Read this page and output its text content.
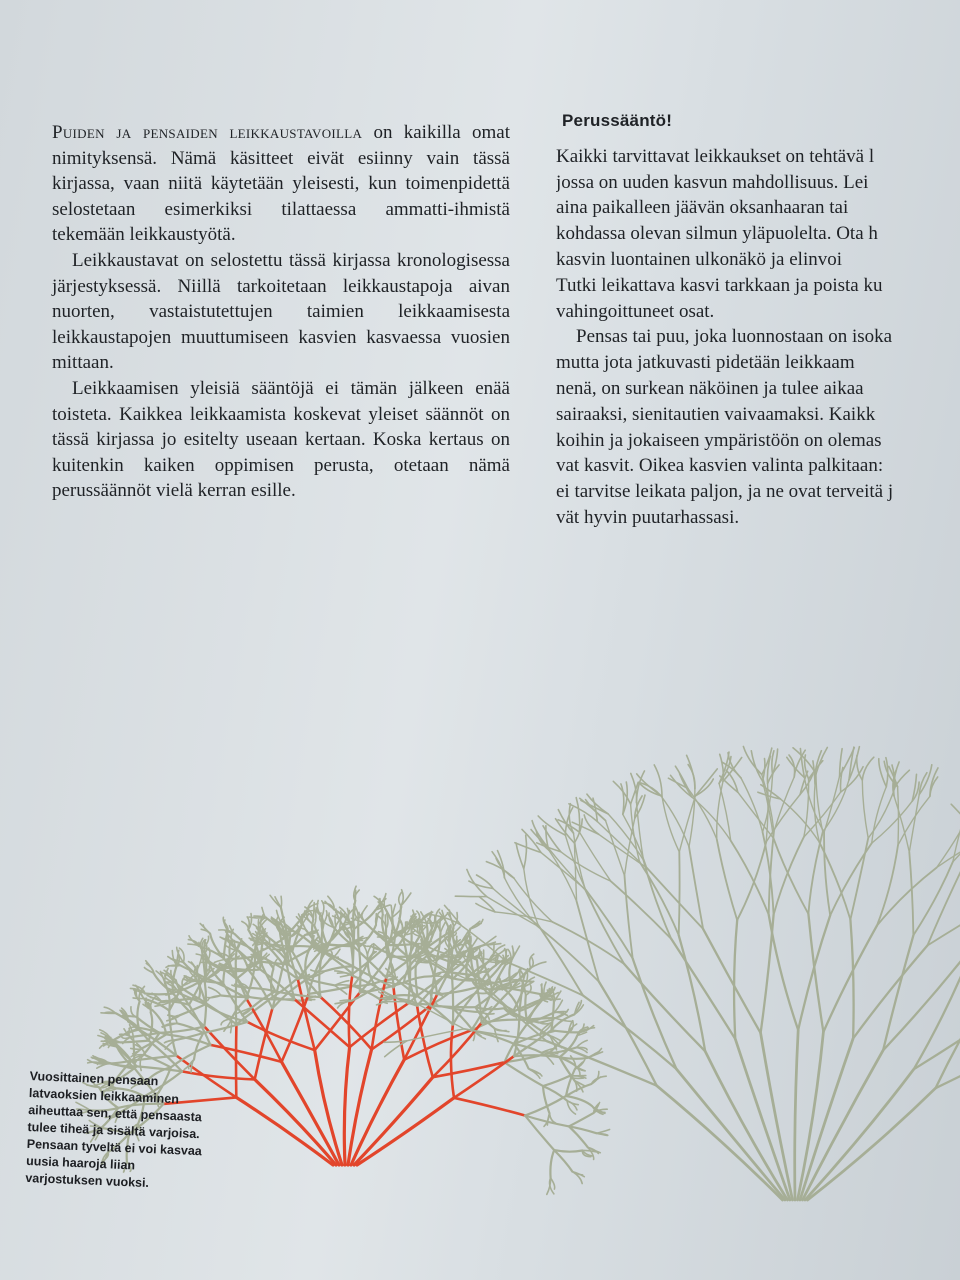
Puiden ja pensaiden leikkaustavoilla on kaikilla omat nimityksensä. Nämä käsitteet eivät esiinny vain tässä kirjassa, vaan niitä käytetään yleisesti, kun toimenpidettä selostetaan esimerkiksi tilattaessa ammatti-ihmistä tekemään leikkaustyötä.

Leikkaustavat on selostettu tässä kirjassa kronologisessa järjestyksessä. Niillä tarkoitetaan leikkaustapoja aivan nuorten, vastaistutettujen taimien leikkaamisesta leikkaustapojen muuttumiseen kasvien kasvaessa vuosien mittaan.

Leikkaamisen yleisiä sääntöjä ei tämän jälkeen enää toisteta. Kaikkea leikkaamista koskevat yleiset säännöt on tässä kirjassa jo esitelty useaan kertaan. Koska kertaus on kuitenkin kaiken oppimisen perusta, otetaan nämä perussäännöt vielä kerran esille.

Perussääntö!
Kaikki tarvittavat leikkaukset on tehtävä l
jossa on uuden kasvun mahdollisuus. Lei
aina paikalleen jäävän oksanhaaran tai
kohdassa olevan silmun yläpuolelta. Ota h
kasvin luontainen ulkonäkö ja elinvoi
Tutki leikattava kasvi tarkkaan ja poista ku
vahingoittuneet osat.
Pensas tai puu, joka luonnostaan on isoka
mutta jota jatkuvasti pidetään leikkaam
nenä, on surkean näköinen ja tulee aikaa
sairaaksi, sienitautien vaivaamaksi. Kaikk
koihin ja jokaiseen ympäristöön on olemas
vat kasvit. Oikea kasvien valinta palkitaan:
ei tarvitse leikata paljon, ja ne ovat terveitä j
vät hyvin puutarhassasi.
Vuosittainen pensaan
latvaoksien leikkaaminen
aiheuttaa sen, että pensaasta
tulee tiheä ja sisältä varjoisa.
Pensaan tyveltä ei voi kasvaa
uusia haaroja liian
varjostuksen vuoksi.
